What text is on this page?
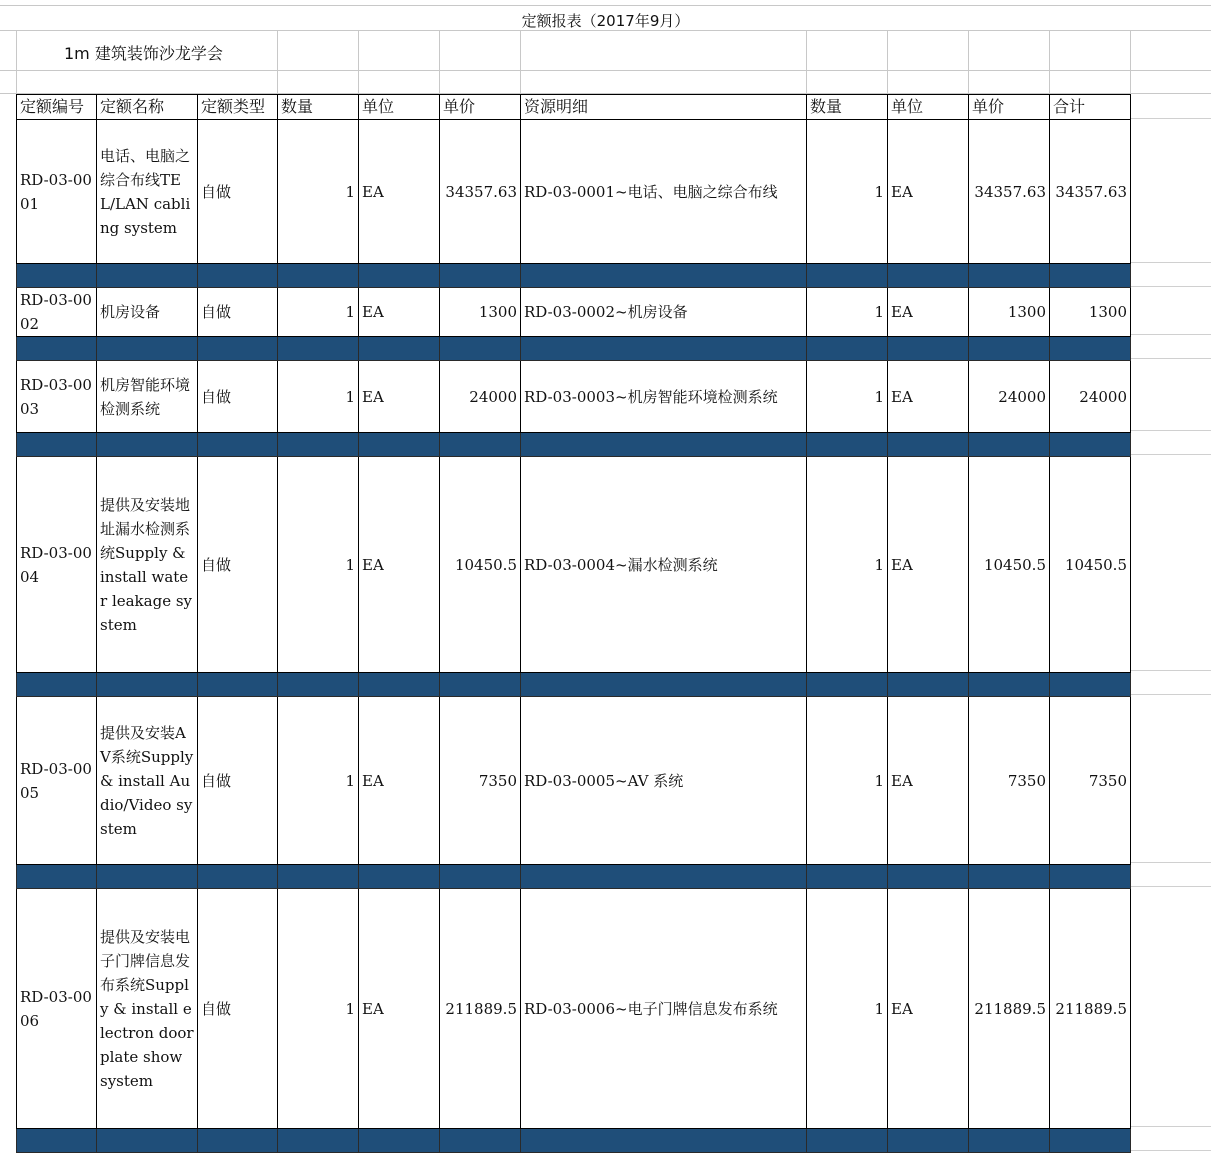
定额报表（2017年9月）
1m 建筑装饰沙龙学会
定额编号	定额名称	定额类型	数量	单位	单价	资源明细	数量	单位	单价	合计
RD-03-0001	电话、电脑之综合布线TEL/LAN cabling system	自做	1	EA	34357.63	RD-03-0001~电话、电脑之综合布线	1	EA	34357.63	34357.63

RD-03-0002	机房设备	自做	1	EA	1300	RD-03-0002~机房设备	1	EA	1300	1300

RD-03-0003	机房智能环境检测系统	自做	1	EA	24000	RD-03-0003~机房智能环境检测系统	1	EA	24000	24000

RD-03-0004	提供及安装地址漏水检测系统Supply & install water leakage system	自做	1	EA	10450.5	RD-03-0004~漏水检测系统	1	EA	10450.5	10450.5

RD-03-0005	提供及安装AV系统Supply & install Audio/Video system	自做	1	EA	7350	RD-03-0005~AV 系统	1	EA	7350	7350

RD-03-0006	提供及安装电子门牌信息发布系统Supply & install electron doorplate show system	自做	1	EA	211889.5	RD-03-0006~电子门牌信息发布系统	1	EA	211889.5	211889.5
